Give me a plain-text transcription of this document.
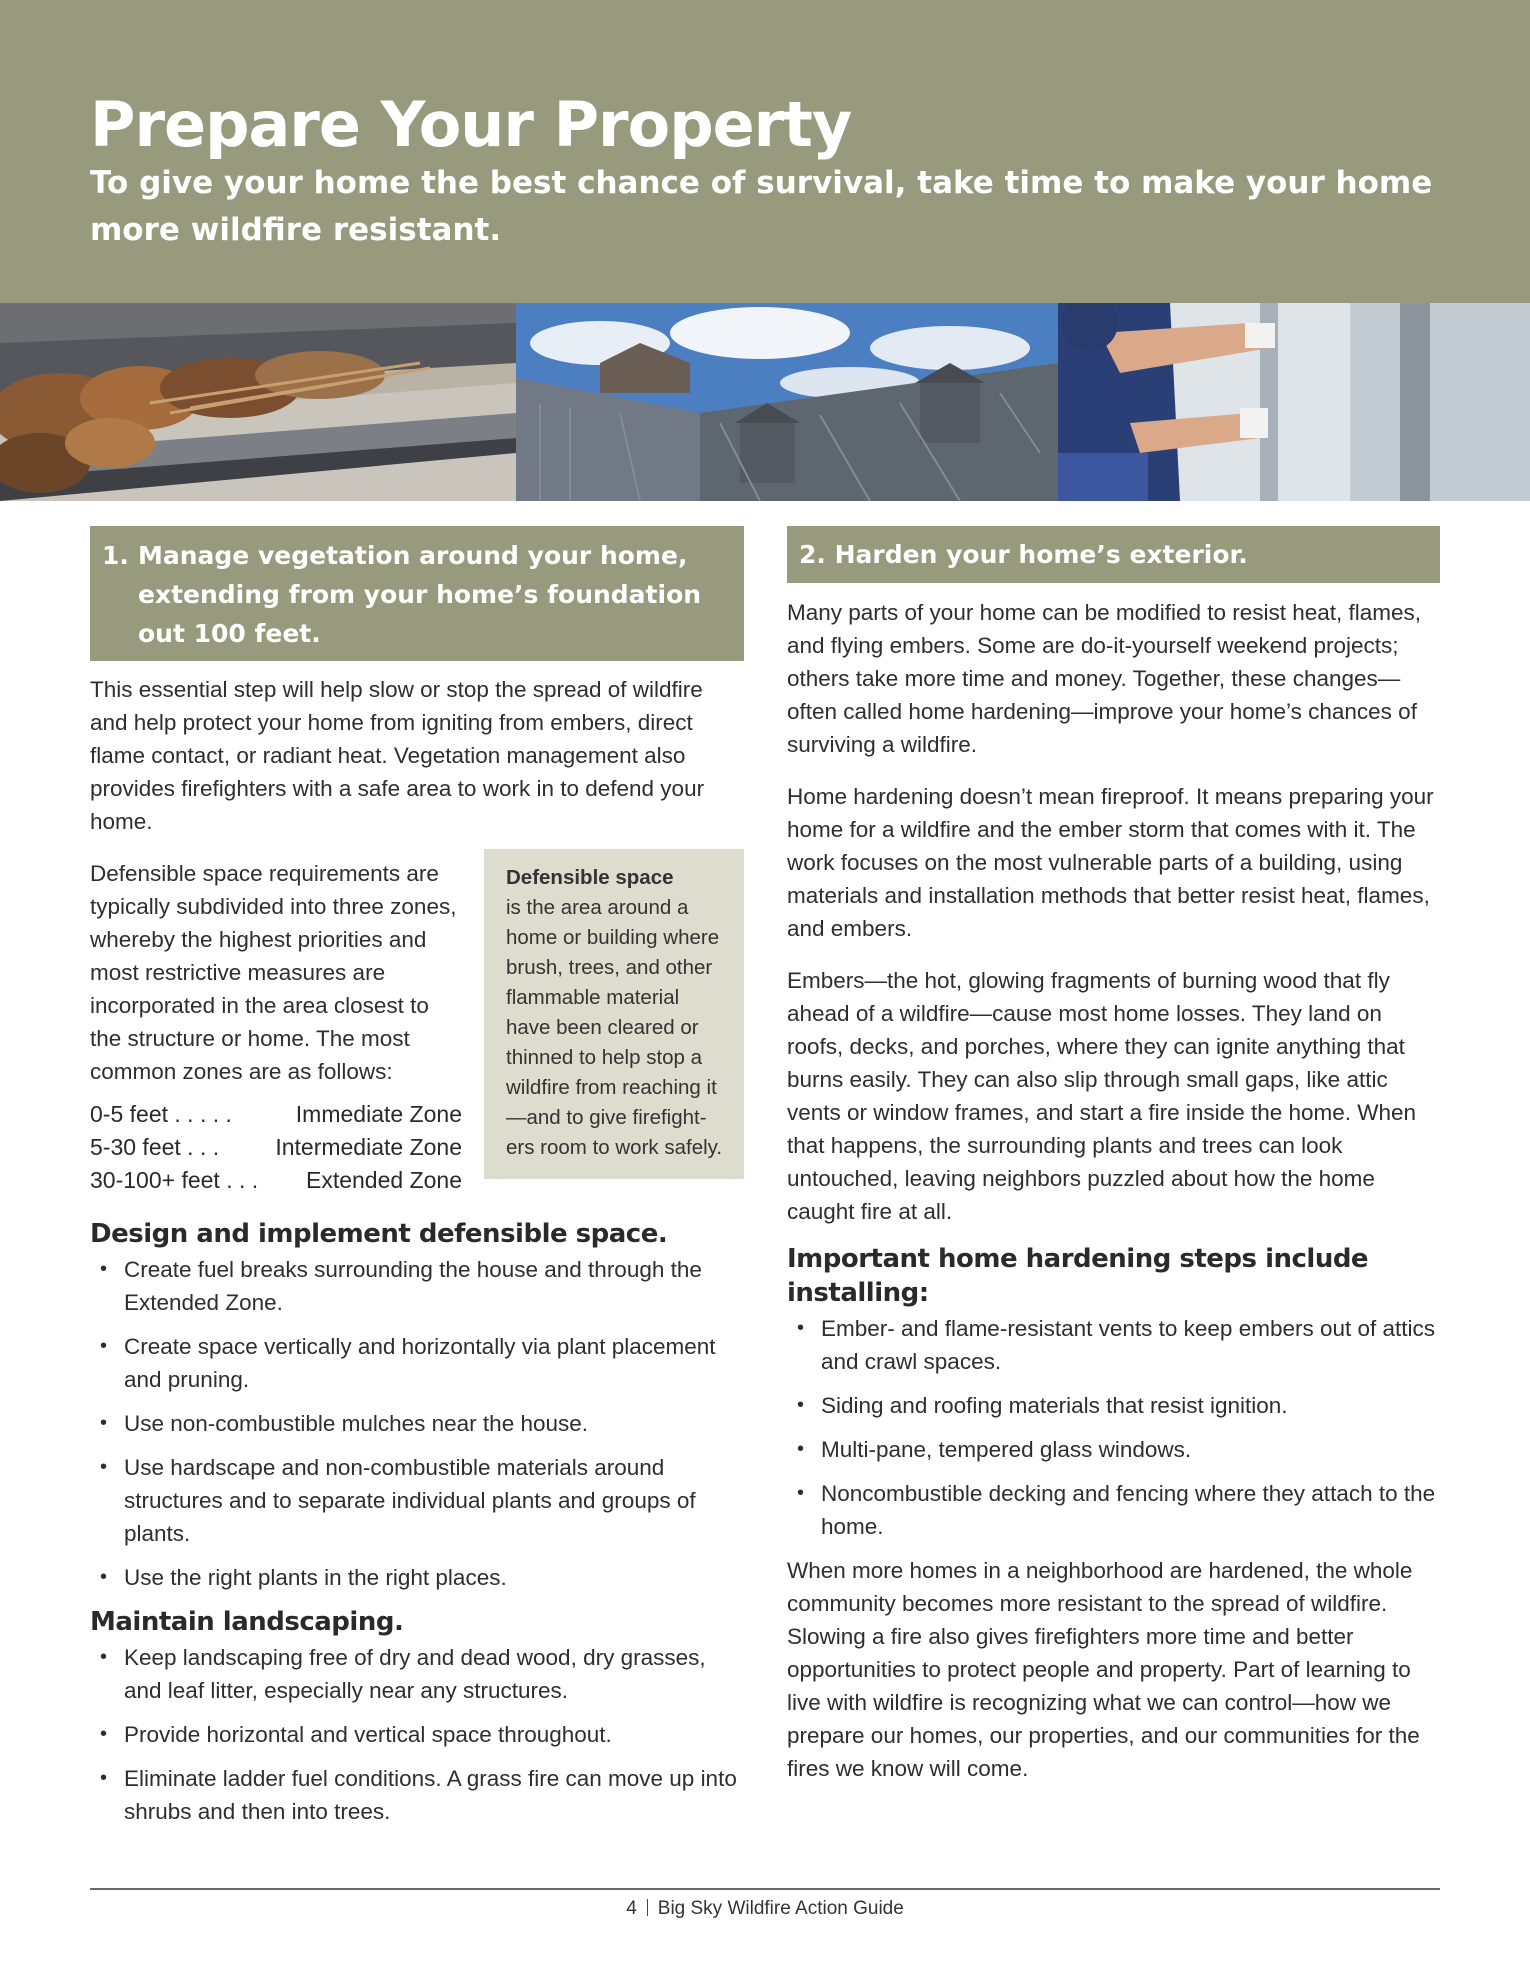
Prepare Your Property

To give your home the best chance of survival, take time to make your home more wildfire resistant.

1. Manage vegetation around your home, extending from your home’s foundation out 100 feet.

This essential step will help slow or stop the spread of wildfire and help protect your home from igniting from embers, direct flame contact, or radiant heat. Vegetation management also provides firefighters with a safe area to work in to defend your home.

Defensible space requirements are typically subdivided into three zones, whereby the highest priorities and most restrictive measures are incorporated in the area closest to the structure or home. The most common zones are as follows:

0-5 feet . . . . .	Immediate Zone
5-30 feet . . . Intermediate Zone
30-100+ feet . . . Extended Zone
Defensible space
is the area around a home or building where brush, trees, and other flammable material have been cleared or thinned to help stop a wildfire from reaching it—and to give firefight-ers room to work safely.
Design and implement defensible space.
• Create fuel breaks surrounding the house and through the Extended Zone.
• Create space vertically and horizontally via plant placement and pruning.
• Use non-combustible mulches near the house.
• Use hardscape and non-combustible materials around structures and to separate individual plants and groups of plants.
• Use the right plants in the right places.
Maintain landscaping.
• Keep landscaping free of dry and dead wood, dry grasses, and leaf litter, especially near any structures.
• Provide horizontal and vertical space throughout.
• Eliminate ladder fuel conditions. A grass fire can move up into shrubs and then into trees.
2. Harden your home’s exterior.

Many parts of your home can be modified to resist heat, flames, and flying embers. Some are do-it-yourself weekend projects; others take more time and money. Together, these changes—often called home hardening—improve your home’s chances of surviving a wildfire.

Home hardening doesn’t mean fireproof. It means preparing your home for a wildfire and the ember storm that comes with it. The work focuses on the most vulnerable parts of a building, using materials and installation methods that better resist heat, flames, and embers.

Embers—the hot, glowing fragments of burning wood that fly ahead of a wildfire—cause most home losses. They land on roofs, decks, and porches, where they can ignite anything that burns easily. They can also slip through small gaps, like attic vents or window frames, and start a fire inside the home. When that happens, the surrounding plants and trees can look untouched, leaving neighbors puzzled about how the home caught fire at all.

Important home hardening steps include installing:
• Ember- and flame-resistant vents to keep embers out of attics and crawl spaces.
• Siding and roofing materials that resist ignition.
• Multi-pane, tempered glass windows.
• Noncombustible decking and fencing where they attach to the home.

When more homes in a neighborhood are hardened, the whole community becomes more resistant to the spread of wildfire. Slowing a fire also gives firefighters more time and better opportunities to protect people and property. Part of learning to live with wildfire is recognizing what we can control—how we prepare our homes, our properties, and our communities for the fires we know will come.

4 Big Sky Wildfire Action Guide
